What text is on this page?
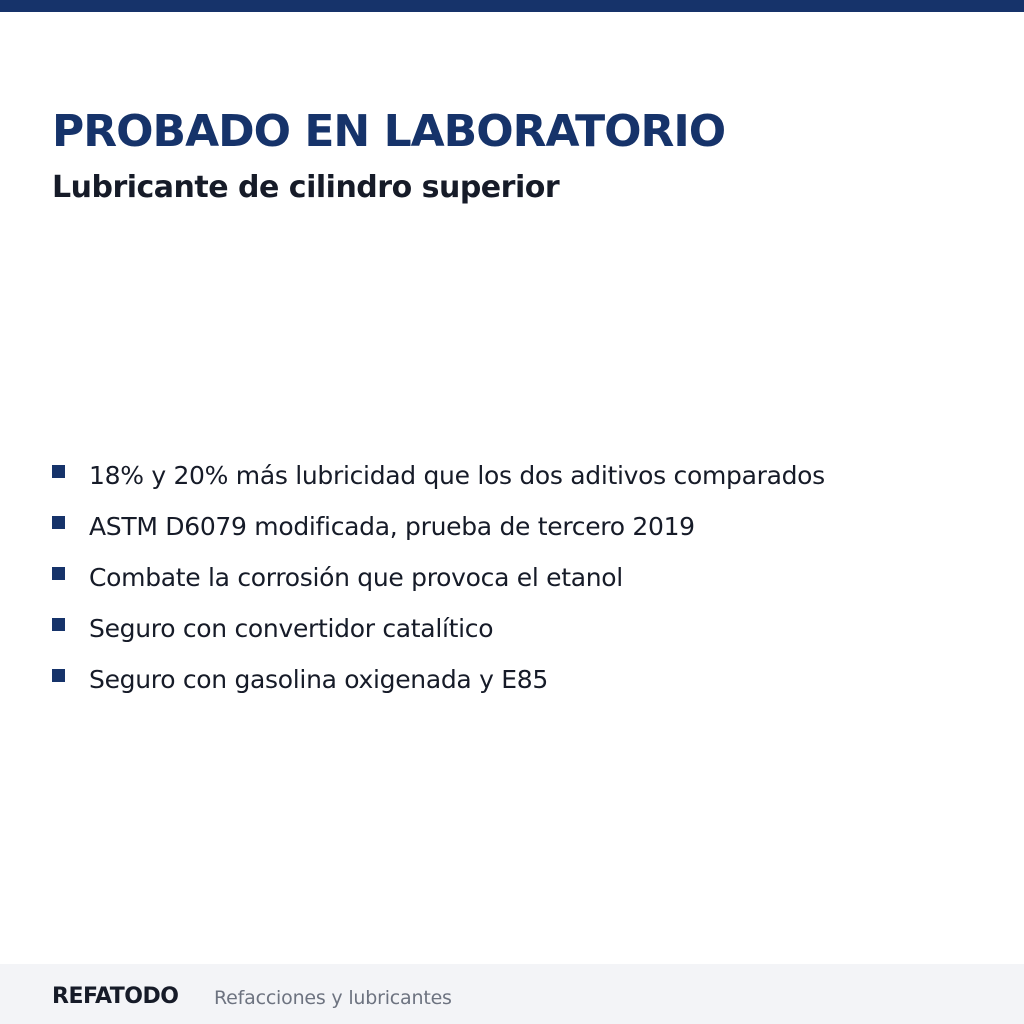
PROBADO EN LABORATORIO
Lubricante de cilindro superior
18% y 20% más lubricidad que los dos aditivos comparados
ASTM D6079 modificada, prueba de tercero 2019
Combate la corrosión que provoca el etanol
Seguro con convertidor catalítico
Seguro con gasolina oxigenada y E85
REFATODO Refacciones y lubricantes
